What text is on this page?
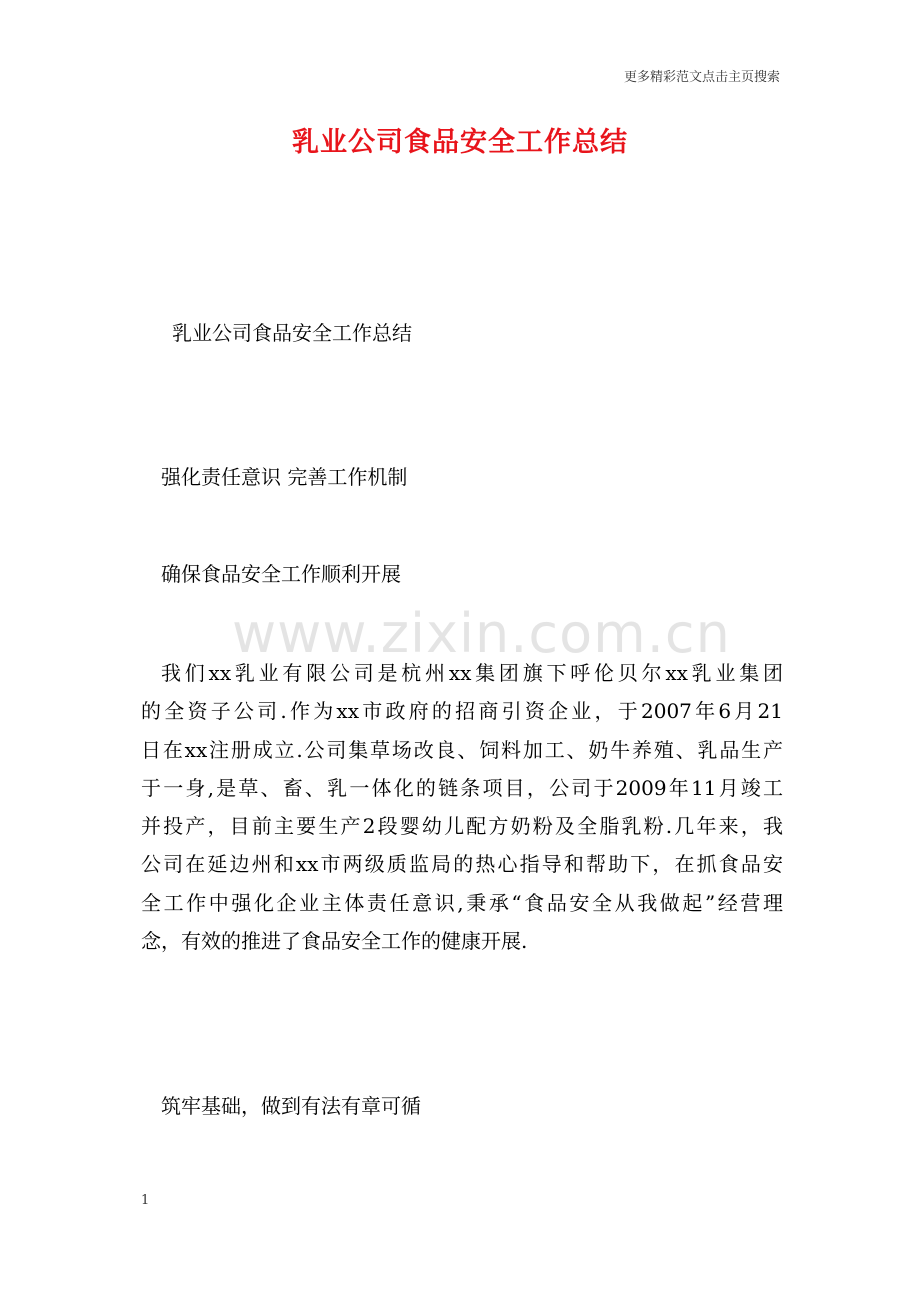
更多精彩范文点击主页搜索
乳业公司食品安全工作总结

乳业公司食品安全工作总结

强化责任意识 完善工作机制

确保食品安全工作顺利开展

www.zixin.com.cn
我们xx乳业有限公司是杭州xx集团旗下呼伦贝尔xx乳业集团
的全资子公司.作为xx市政府的招商引资企业，于2007年6月21
日在xx注册成立.公司集草场改良、饲料加工、奶牛养殖、乳品生产
于一身,是草、畜、乳一体化的链条项目，公司于2009年11月竣工
并投产，目前主要生产2段婴幼儿配方奶粉及全脂乳粉.几年来，我
公司在延边州和xx市两级质监局的热心指导和帮助下，在抓食品安
全工作中强化企业主体责任意识,秉承“食品安全从我做起”经营理
念，有效的推进了食品安全工作的健康开展.

筑牢基础，做到有法有章可循

1
